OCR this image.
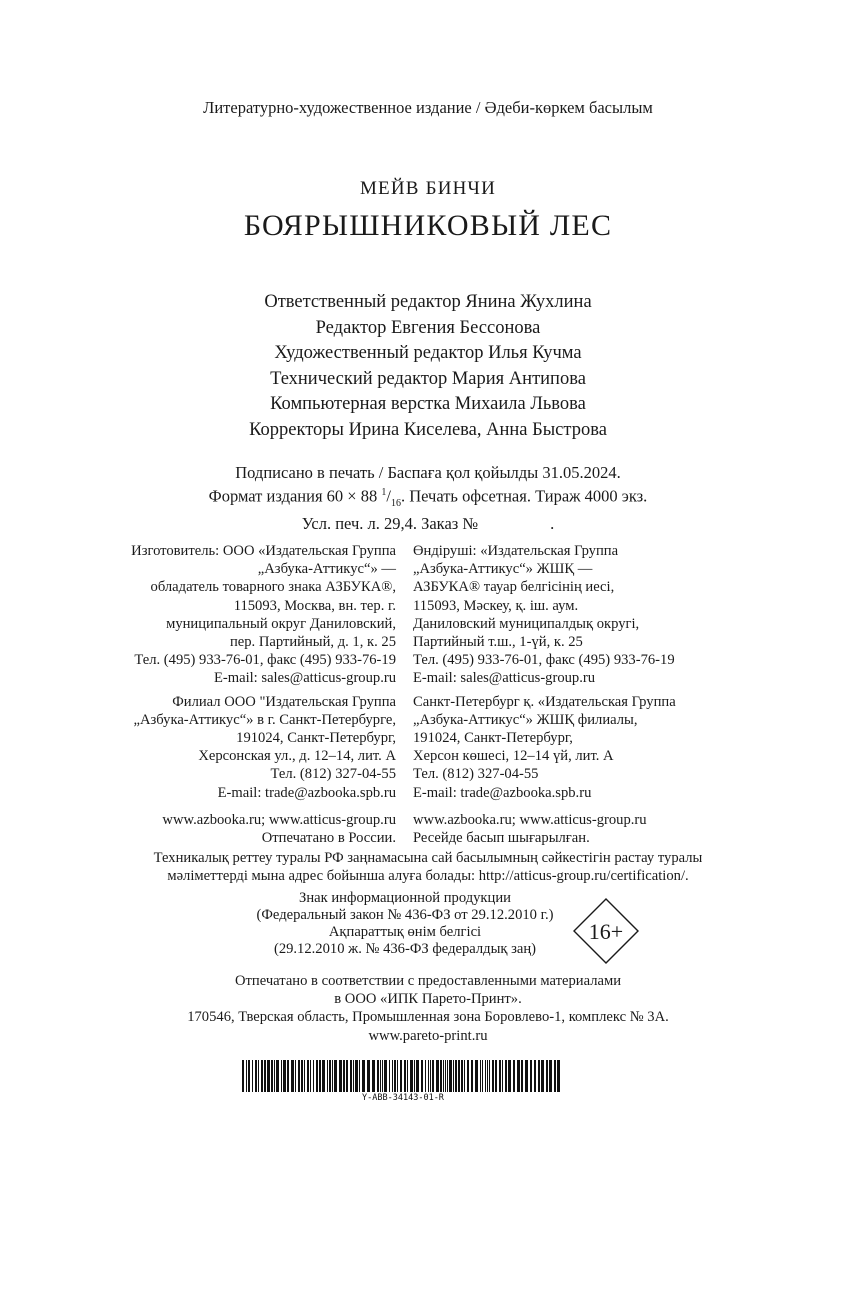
Литературно-художественное издание / Әдеби-көркем басылым
МЕЙВ БИНЧИ
БОЯРЫШНИКОВЫЙ ЛЕС
Ответственный редактор Янина Жухлина
Редактор Евгения Бессонова
Художественный редактор Илья Кучма
Технический редактор Мария Антипова
Компьютерная верстка Михаила Львова
Корректоры Ирина Киселева, Анна Быстрова
Подписано в печать / Баспаға қол қойылды 31.05.2024.
Формат издания 60 × 88 $^1/_{16}$. Печать офсетная. Тираж 4000 экз.
Усл. печ. л. 29,4. Заказ №	.
Изготовитель: ООО «Издательская Группа
„Азбука-Аттикус“» —
обладатель товарного знака АЗБУКА®,
115093, Москва, вн. тер. г.
муниципальный округ Даниловский,
пер. Партийный, д. 1, к. 25
Тел. (495) 933-76-01, факс (495) 933-76-19
E-mail: sales@atticus-group.ru
Филиал ООО "Издательская Группа
„Азбука-Аттикус“» в г. Санкт-Петербурге,
191024, Санкт-Петербург,
Херсонская ул., д. 12–14, лит. А
Тел. (812) 327-04-55
E-mail: trade@azbooka.spb.ru
www.azbooka.ru; www.atticus-group.ru
Отпечатано в России.
Өндіруші: «Издательская Группа
„Азбука-Аттикус“» ЖШҚ —
АЗБУКА® тауар белгісінің иесі,
115093, Мәскеу, қ. іш. аум.
Даниловский муниципалдық округі,
Партийный т.ш., 1-үй, к. 25
Тел. (495) 933-76-01, факс (495) 933-76-19
E-mail: sales@atticus-group.ru
Санкт-Петербург қ. «Издательская Группа
„Азбука-Аттикус“» ЖШҚ филиалы,
191024, Санкт-Петербург,
Херсон көшесі, 12–14 үй, лит. А
Тел. (812) 327-04-55
E-mail: trade@azbooka.spb.ru
www.azbooka.ru; www.atticus-group.ru
Ресейде басып шығарылған.
Техникалық реттеу туралы РФ заңнамасына сай басылымның сәйкестігін растау туралы
мәліметтерді мына адрес бойынша алуға болады: http://atticus-group.ru/certification/.
Знак информационной продукции
(Федеральный закон № 436-ФЗ от 29.12.2010 г.)
Ақпараттық өнім белгісі
(29.12.2010 ж. № 436-ФЗ федералдық заң)
16+
Отпечатано в соответствии с предоставленными материалами
в ООО «ИПК Парето-Принт».
170546, Тверская область, Промышленная зона Боровлево-1, комплекс № 3А.
www.pareto-print.ru
Y-ABB-34143-01-R
